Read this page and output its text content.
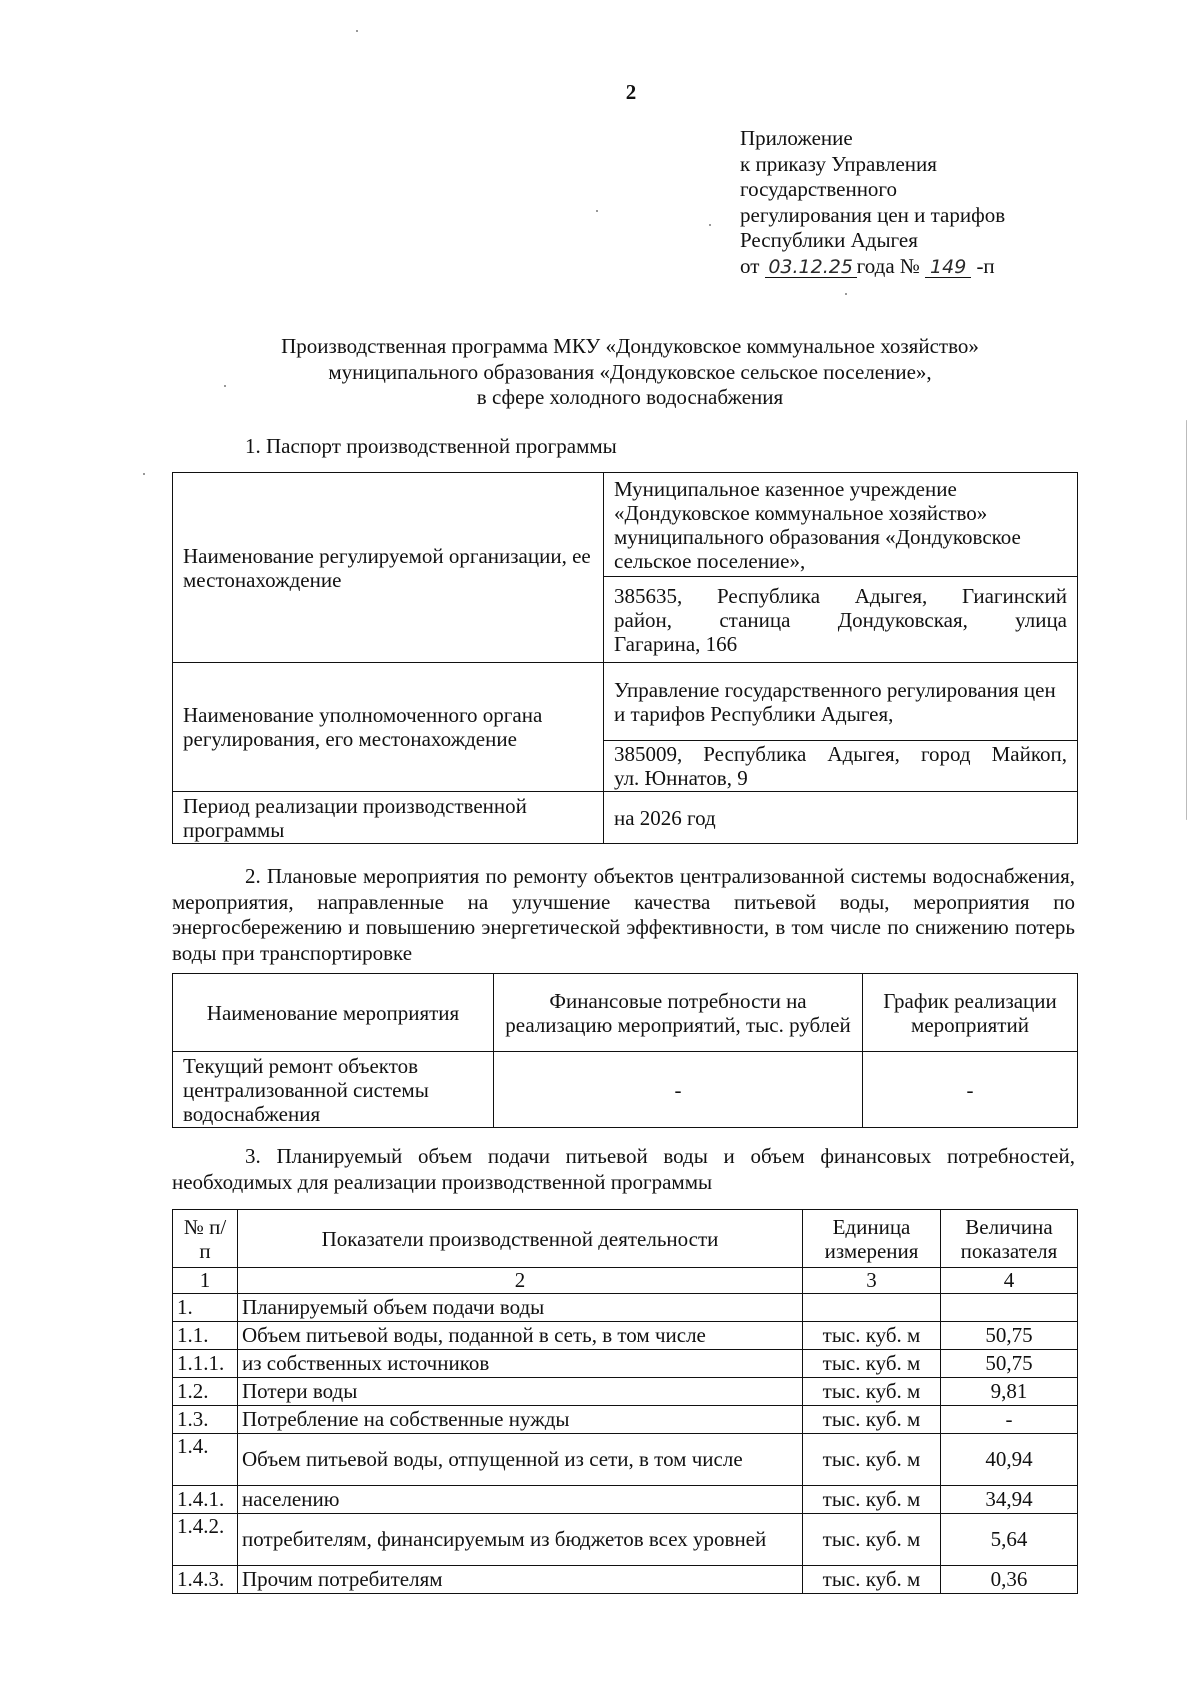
2
Приложение
к приказу Управления
государственного
регулирования цен и тарифов
Республики Адыгея
от 03.12.25 года № 149 -п
Производственная программа МКУ «Дондуковское коммунальное хозяйство»
муниципального образования «Дондуковское сельское поселение»,
в сфере холодного водоснабжения
1. Паспорт производственной программы
Наименование регулируемой организации, ее местонахождение	Муниципальное казенное учреждение «Дондуковское коммунальное хозяйство» муниципального образования «Дондуковское сельское поселение»,

	385635, Республика Адыгея, Гиагинский
район, станица Дондуковская, улица
Гагарина, 166

Наименование уполномоченного органа регулирования, его местонахождение	Управление государственного регулирования цен и тарифов Республики Адыгея,

	385009, Республика Адыгея, город Майкоп,
ул. Юннатов, 9

Период реализации производственной программы	на 2026 год
2. Плановые мероприятия по ремонту объектов централизованной системы водоснабжения, мероприятия, направленные на улучшение качества питьевой воды, мероприятия по энергосбережению и повышению энергетической эффективности, в том числе по снижению потерь воды при транспортировке
Наименование мероприятия	Финансовые потребности на реализацию мероприятий, тыс. рублей	График реализации мероприятий
Текущий ремонт объектов централизованной системы водоснабжения	-	-
3. Планируемый объем подачи питьевой воды и объем финансовых потребностей, необходимых для реализации производственной программы
№ п/п	Показатели производственной деятельности	Единица измерения	Величина показателя
1	2	3	4
1.	Планируемый объем подачи воды		
1.1.	Объем питьевой воды, поданной в сеть, в том числе	тыс. куб. м	50,75
1.1.1.	из собственных источников	тыс. куб. м	50,75
1.2.	Потери воды	тыс. куб. м	9,81
1.3.	Потребление на собственные нужды	тыс. куб. м	-
1.4.	Объем питьевой воды, отпущенной из сети, в том числе	тыс. куб. м	40,94
1.4.1.	населению	тыс. куб. м	34,94
1.4.2.	потребителям, финансируемым из бюджетов всех уровней	тыс. куб. м	5,64
1.4.3.	Прочим потребителям	тыс. куб. м	0,36
